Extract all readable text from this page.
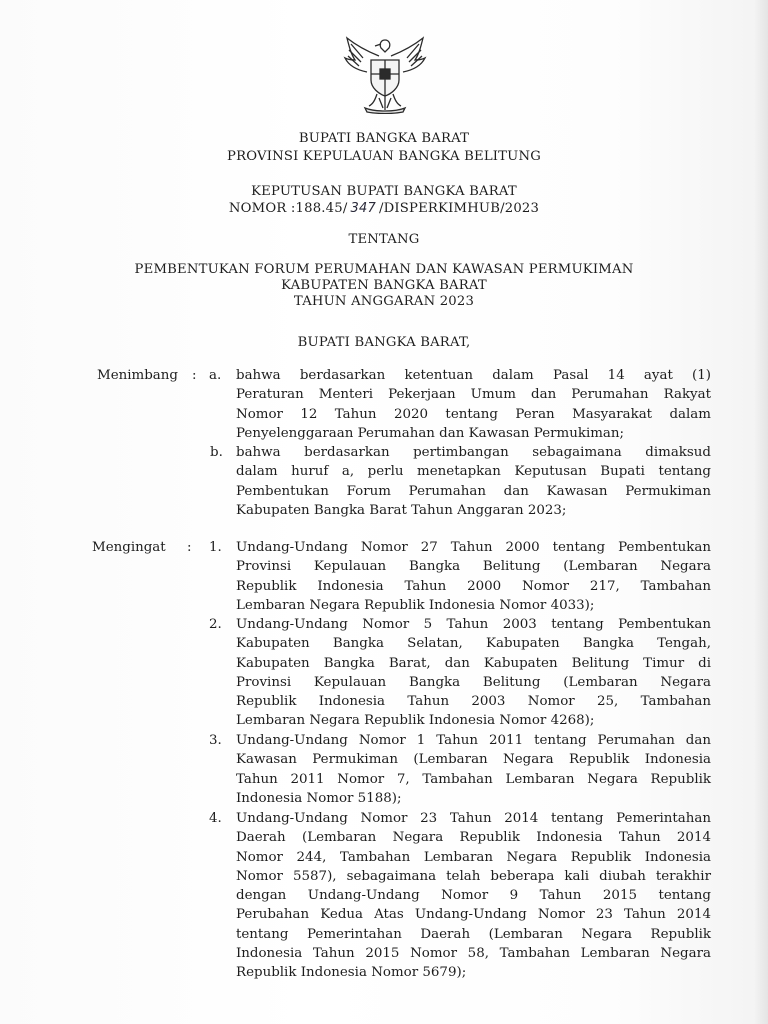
BUPATI BANGKA BARAT
PROVINSI KEPULAUAN BANGKA BELITUNG
KEPUTUSAN BUPATI BANGKA BARAT
NOMOR :188.45/ 347 /DISPERKIMHUB/2023
TENTANG
PEMBENTUKAN FORUM PERUMAHAN DAN KAWASAN PERMUKIMAN
KABUPATEN BANGKA BARAT
TAHUN ANGGARAN 2023
BUPATI BANGKA BARAT,
Menimbang : a. bahwa berdasarkan ketentuan dalam Pasal 14 ayat (1)
Peraturan Menteri Pekerjaan Umum dan Perumahan Rakyat
Nomor 12 Tahun 2020 tentang Peran Masyarakat dalam
Penyelenggaraan Perumahan dan Kawasan Permukiman;
b. bahwa berdasarkan pertimbangan sebagaimana dimaksud
dalam huruf a, perlu menetapkan Keputusan Bupati tentang
Pembentukan Forum Perumahan dan Kawasan Permukiman
Kabupaten Bangka Barat Tahun Anggaran 2023;
Mengingat : 1. Undang-Undang Nomor 27 Tahun 2000 tentang Pembentukan
Provinsi Kepulauan Bangka Belitung (Lembaran Negara
Republik Indonesia Tahun 2000 Nomor 217, Tambahan
Lembaran Negara Republik Indonesia Nomor 4033);
2. Undang-Undang Nomor 5 Tahun 2003 tentang Pembentukan
Kabupaten Bangka Selatan, Kabupaten Bangka Tengah,
Kabupaten Bangka Barat, dan Kabupaten Belitung Timur di
Provinsi Kepulauan Bangka Belitung (Lembaran Negara
Republik Indonesia Tahun 2003 Nomor 25, Tambahan
Lembaran Negara Republik Indonesia Nomor 4268);
3. Undang-Undang Nomor 1 Tahun 2011 tentang Perumahan dan
Kawasan Permukiman (Lembaran Negara Republik Indonesia
Tahun 2011 Nomor 7, Tambahan Lembaran Negara Republik
Indonesia Nomor 5188);
4. Undang-Undang Nomor 23 Tahun 2014 tentang Pemerintahan
Daerah (Lembaran Negara Republik Indonesia Tahun 2014
Nomor 244, Tambahan Lembaran Negara Republik Indonesia
Nomor 5587), sebagaimana telah beberapa kali diubah terakhir
dengan Undang-Undang Nomor 9 Tahun 2015 tentang
Perubahan Kedua Atas Undang-Undang Nomor 23 Tahun 2014
tentang Pemerintahan Daerah (Lembaran Negara Republik
Indonesia Tahun 2015 Nomor 58, Tambahan Lembaran Negara
Republik Indonesia Nomor 5679);
